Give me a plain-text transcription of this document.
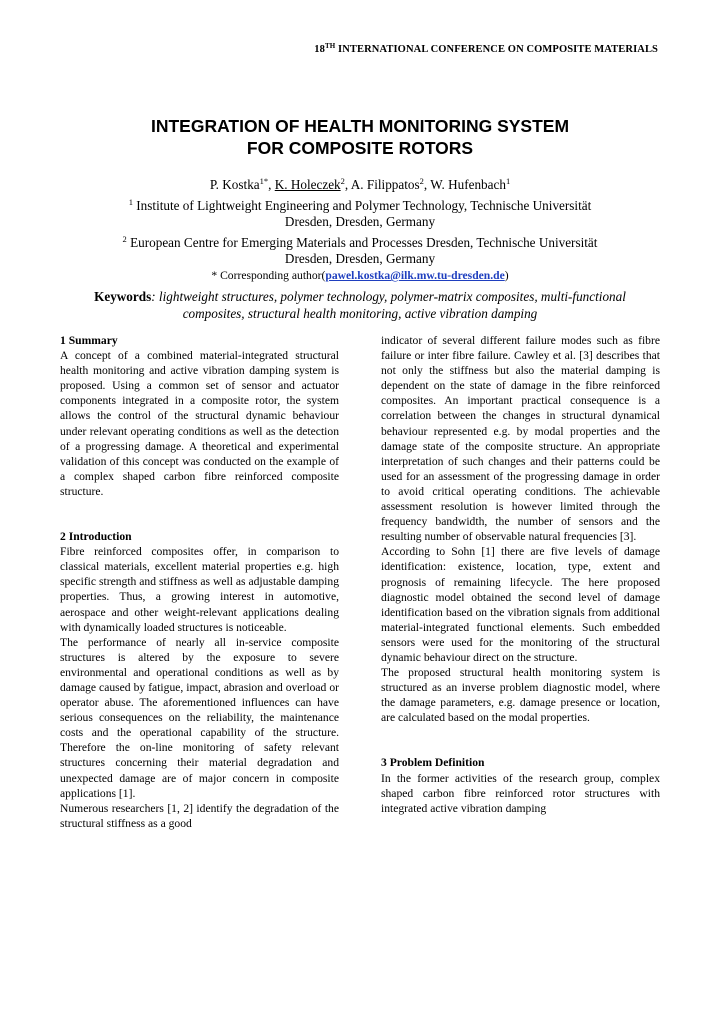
18TH INTERNATIONAL CONFERENCE ON COMPOSITE MATERIALS
INTEGRATION OF HEALTH MONITORING SYSTEM
FOR COMPOSITE ROTORS
P. Kostka$^{1*}$, K. Holeczek$^2$, A. Filippatos$^2$, W. Hufenbach$^1$
$^1$ Institute of Lightweight Engineering and Polymer Technology, Technische Universität
Dresden, Dresden, Germany
$^2$ European Centre for Emerging Materials and Processes Dresden, Technische Universität
Dresden, Dresden, Germany
* Corresponding author(pawel.kostka@ilk.mw.tu-dresden.de)
Keywords: lightweight structures, polymer technology, polymer-matrix composites, multi-functional composites, structural health monitoring, active vibration damping

1 Summary

A concept of a combined material-integrated structural health monitoring and active vibration damping system is proposed. Using a common set of sensor and actuator components integrated in a composite rotor, the system allows the control of the structural dynamic behaviour under relevant operating conditions as well as the detection of a progressing damage. A theoretical and experimental validation of this concept was conducted on the example of a complex shaped carbon fibre reinforced composite structure.

2 Introduction

Fibre reinforced composites offer, in comparison to classical materials, excellent material properties e.g. high specific strength and stiffness as well as adjustable damping properties. Thus, a growing interest in automotive, aerospace and other weight-relevant applications dealing with dynamically loaded structures is noticeable.

The performance of nearly all in-service composite structures is altered by the exposure to severe environmental and operational conditions as well as by damage caused by fatigue, impact, abrasion and overload or operator abuse. The aforementioned influences can have serious consequences on the reliability, the maintenance costs and the operational capability of the structure. Therefore the on-line monitoring of safety relevant structures concerning their material degradation and unexpected damage are of major concern in composite applications [1].

Numerous researchers [1, 2] identify the degradation of the structural stiffness as a good

indicator of several different failure modes such as fibre failure or inter fibre failure. Cawley et al. [3] describes that not only the stiffness but also the material damping is dependent on the state of damage in the fibre reinforced composites. An important practical consequence is a correlation between the changes in structural dynamical behaviour represented e.g. by modal properties and the damage state of the composite structure. An appropriate interpretation of such changes and their patterns could be used for an assessment of the progressing damage in order to avoid critical operating conditions. The achievable assessment resolution is however limited through the frequency bandwidth, the number of sensors and the resulting number of observable natural frequencies [3].

According to Sohn [1] there are five levels of damage identification: existence, location, type, extent and prognosis of remaining lifecycle. The here proposed diagnostic model obtained the second level of damage identification based on the vibration signals from additional material-integrated functional elements. Such embedded sensors were used for the monitoring of the structural dynamic behaviour direct on the structure.

The proposed structural health monitoring system is structured as an inverse problem diagnostic model, where the damage parameters, e.g. damage presence or location, are calculated based on the modal properties.

3 Problem Definition

In the former activities of the research group, complex shaped carbon fibre reinforced rotor structures with integrated active vibration damping
